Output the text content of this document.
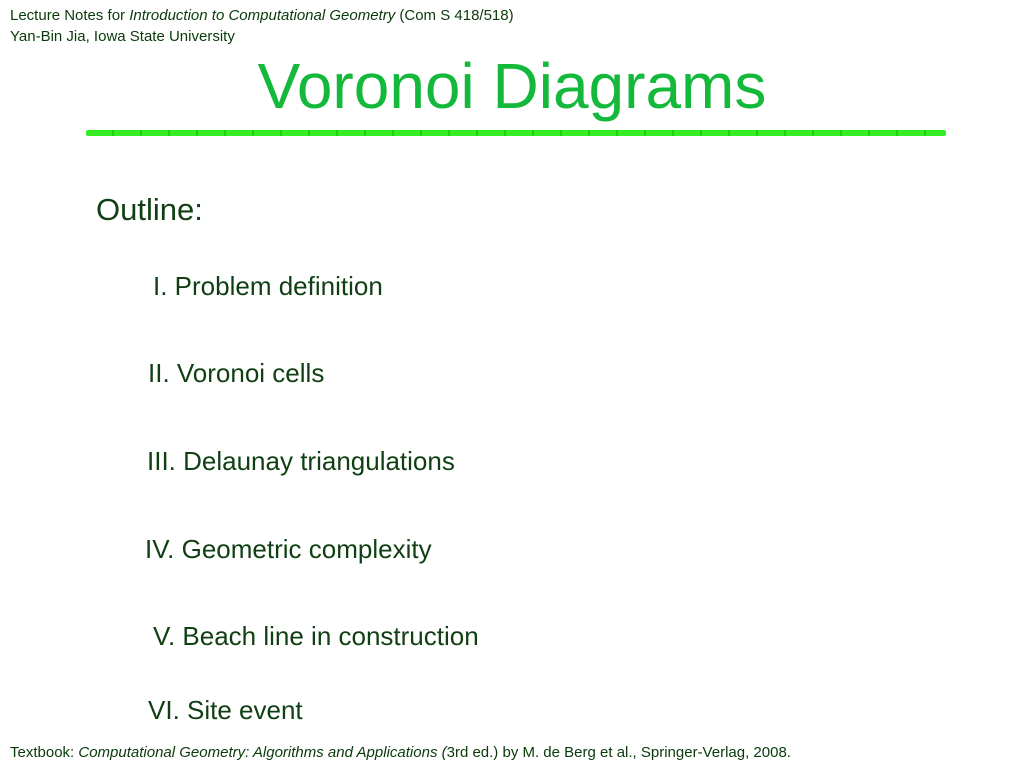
Lecture Notes for Introduction to Computational Geometry (Com S 418/518)
Yan-Bin Jia, Iowa State University
Voronoi Diagrams
Outline:
I. Problem definition
II. Voronoi cells
III. Delaunay triangulations
IV. Geometric complexity
V. Beach line in construction
VI. Site event
Textbook: Computational Geometry: Algorithms and Applications (3rd ed.) by M. de Berg et al., Springer-Verlag, 2008.
